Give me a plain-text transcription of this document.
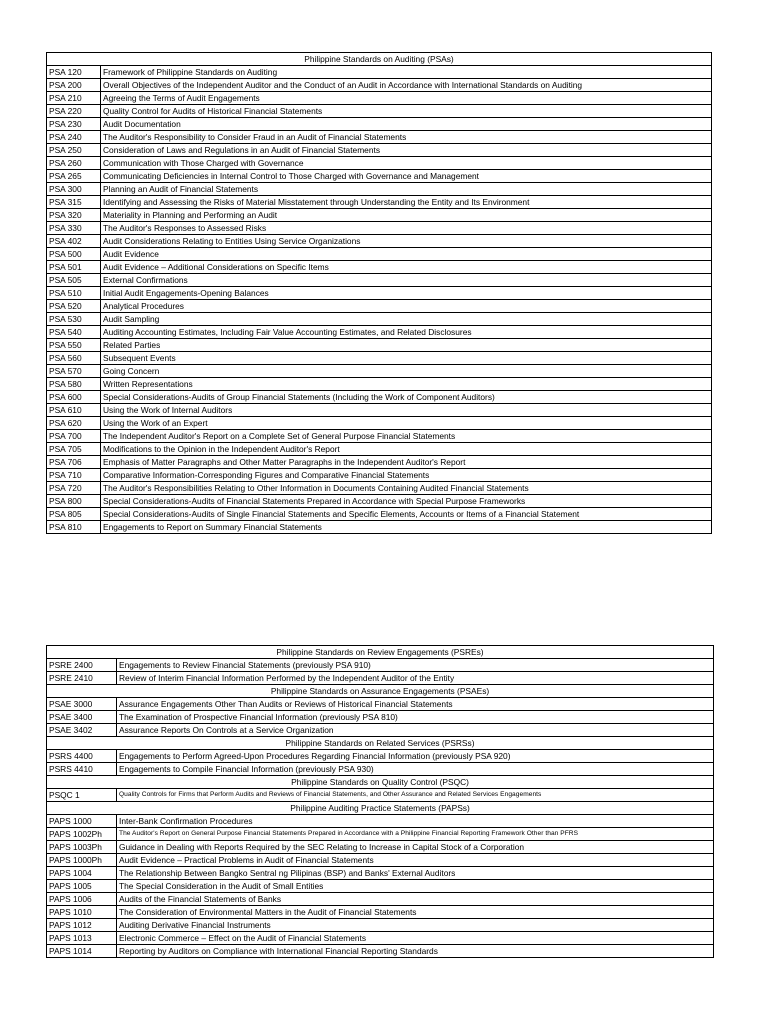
Philippine Standards on Auditing (PSAs)	
PSA 120	Framework of Philippine Standards on Auditing
PSA 200	Overall Objectives of the Independent Auditor and the Conduct of an Audit in Accordance with International Standards on Auditing
PSA 210	Agreeing the Terms of Audit Engagements
PSA 220	Quality Control for Audits of Historical Financial Statements
PSA 230	Audit Documentation
PSA 240	The Auditor's Responsibility to Consider Fraud in an Audit of Financial Statements
PSA 250	Consideration of Laws and Regulations in an Audit of Financial Statements
PSA 260	Communication with Those Charged with Governance
PSA 265	Communicating Deficiencies in Internal Control to Those Charged with Governance and Management
PSA 300	Planning an Audit of Financial Statements
PSA 315	Identifying and Assessing the Risks of Material Misstatement through Understanding the Entity and Its Environment
PSA 320	Materiality in Planning and Performing an Audit
PSA 330	The Auditor's Responses to Assessed Risks
PSA 402	Audit Considerations Relating to Entities Using Service Organizations
PSA 500	Audit Evidence
PSA 501	Audit Evidence – Additional Considerations on Specific Items
PSA 505	External Confirmations
PSA 510	Initial Audit Engagements-Opening Balances
PSA 520	Analytical Procedures
PSA 530	Audit Sampling
PSA 540	Auditing Accounting Estimates, Including Fair Value Accounting Estimates, and Related Disclosures
PSA 550	Related Parties
PSA 560	Subsequent Events
PSA 570	Going Concern
PSA 580	Written Representations
PSA 600	Special Considerations-Audits of Group Financial Statements (Including the Work of Component Auditors)
PSA 610	Using the Work of Internal Auditors
PSA 620	Using the Work of an Expert
PSA 700	The Independent Auditor's Report on a Complete Set of General Purpose Financial Statements
PSA 705	Modifications to the Opinion in the Independent Auditor's Report
PSA 706	Emphasis of Matter Paragraphs and Other Matter Paragraphs in the Independent Auditor's Report
PSA 710	Comparative Information-Corresponding Figures and Comparative Financial Statements
PSA 720	The Auditor's Responsibilities Relating to Other Information in Documents Containing Audited Financial Statements
PSA 800	Special Considerations-Audits of Financial Statements Prepared in Accordance with Special Purpose Frameworks
PSA 805	Special Considerations-Audits of Single Financial Statements and Specific Elements, Accounts or Items of a Financial Statement
PSA 810	Engagements to Report on Summary Financial Statements
Philippine Standards on Review Engagements (PSREs)	
PSRE 2400	Engagements to Review Financial Statements (previously PSA 910)
PSRE 2410	Review of Interim Financial Information Performed by the Independent Auditor of the Entity
Philippine Standards on Assurance Engagements (PSAEs)	
PSAE 3000	Assurance Engagements Other Than Audits or Reviews of Historical Financial Statements
PSAE 3400	The Examination of Prospective Financial Information (previously PSA 810)
PSAE 3402	Assurance Reports On Controls at a Service Organization
Philippine Standards on Related Services (PSRSs)	
PSRS 4400	Engagements to Perform Agreed-Upon Procedures Regarding Financial Information (previously PSA 920)
PSRS 4410	Engagements to Compile Financial Information (previously PSA 930)
Philippine Standards on Quality Control (PSQC)	
PSQC 1	Quality Controls for Firms that Perform Audits and Reviews of Financial Statements, and Other Assurance and Related Services Engagements
Philippine Auditing Practice Statements (PAPSs)	
PAPS 1000	Inter-Bank Confirmation Procedures
PAPS 1002Ph	The Auditor's Report on General Purpose Financial Statements Prepared in Accordance with a Philippine Financial Reporting Framework Other than PFRS
PAPS 1003Ph	Guidance in Dealing with Reports Required by the SEC Relating to Increase in Capital Stock of a Corporation
PAPS 1000Ph	Audit Evidence – Practical Problems in Audit of Financial Statements
PAPS 1004	The Relationship Between Bangko Sentral ng Pilipinas (BSP) and Banks' External Auditors
PAPS 1005	The Special Consideration in the Audit of Small Entities
PAPS 1006	Audits of the Financial Statements of Banks
PAPS 1010	The Consideration of Environmental Matters in the Audit of Financial Statements
PAPS 1012	Auditing Derivative Financial Instruments
PAPS 1013	Electronic Commerce – Effect on the Audit of Financial Statements
PAPS 1014	Reporting by Auditors on Compliance with International Financial Reporting Standards
